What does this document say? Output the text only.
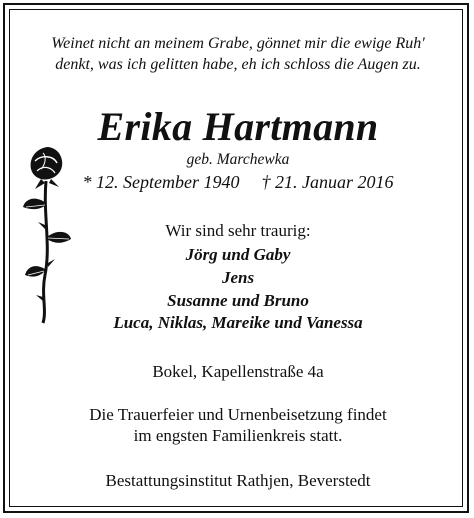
Weinet nicht an meinem Grabe, gönnet mir die ewige Ruh'
denkt, was ich gelitten habe, eh ich schloss die Augen zu.
Erika Hartmann
geb. Marchewka
* 12. September 1940 † 21. Januar 2016
Wir sind sehr traurig:
Jörg und Gaby
Jens
Susanne und Bruno
Luca, Niklas, Mareike und Vanessa
Bokel, Kapellenstraße 4a
Die Trauerfeier und Urnenbeisetzung findet
im engsten Familienkreis statt.
Bestattungsinstitut Rathjen, Beverstedt
